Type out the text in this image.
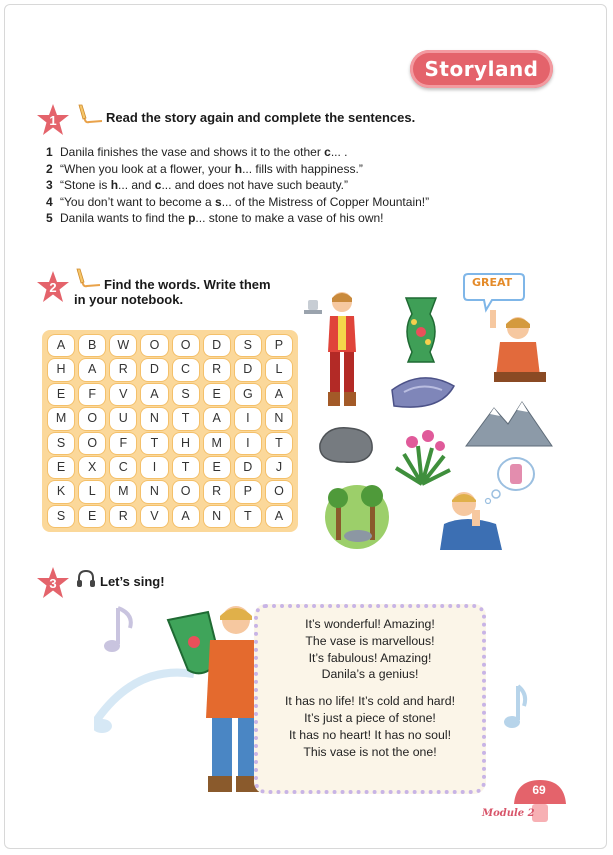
Storyland
1	Read the story again and complete the sentences.
1 Danila finishes the vase and shows it to the other c... .
2 “When you look at a flower, your h... fills with happiness.”
3 “Stone is h... and c... and does not have such beauty.”
4 “You don’t want to become a s... of the Mistress of Copper Mountain!”
5 Danila wants to find the p... stone to make a vase of his own!
2	Find the words. Write them
in your notebook.
A	B	W	O	O	D	S	P
H	A	R	D	C	R	D	L
E	F	V	A	S	E	G	A
M	O	U	N	T	A	I	N
S	O	F	T	H	M	I	T
E	X	C	I	T	E	D	J
K	L	M	N	O	R	P	O
S	E	R	V	A	N	T	A
GREAT
3	Let’s sing!
It’s wonderful! Amazing!
The vase is marvellous!
It’s fabulous! Amazing!
Danila’s a genius!
It has no life! It’s cold and hard!
It’s just a piece of stone!
It has no heart! It has no soul!
This vase is not the one!
69
Module 2
